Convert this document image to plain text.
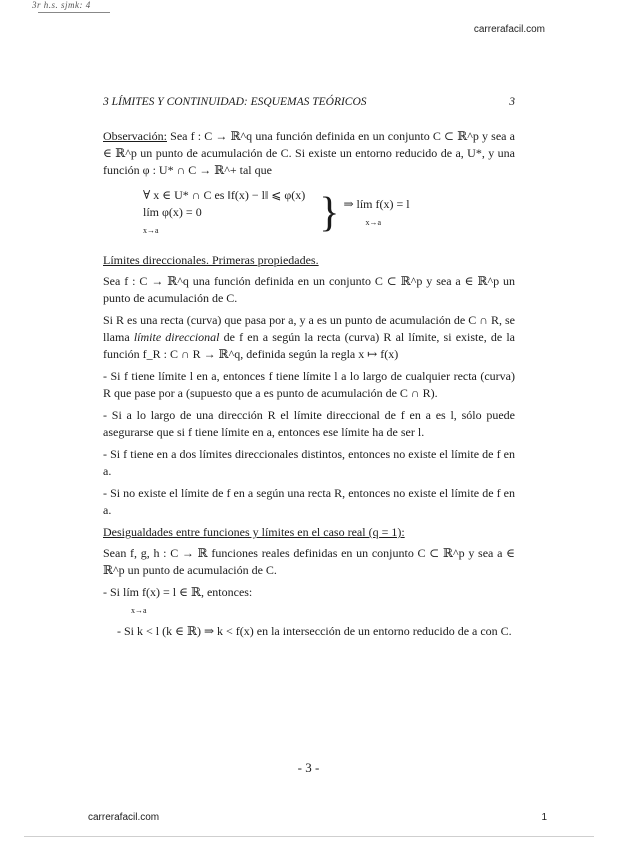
3r h.s. sjmk: 4
carrerafacil.com
3 LÍMITES Y CONTINUIDAD: ESQUEMAS TEÓRICOS	3

Observación: Sea f : C → ℝ^q una función definida en un conjunto C ⊂ ℝ^p y sea a ∈ ℝ^p un punto de acumulación de C. Si existe un entorno reducido de a, U*, y una función φ : U* ∩ C → ℝ^+ tal que

∀ x ∈ U* ∩ C es ‖f(x) − l‖ ⩽ φ(x)
lím φ(x) = 0
x→a	} ⇒ lím f(x) = l
x→a

Límites direccionales. Primeras propiedades.

Sea f : C → ℝ^q una función definida en un conjunto C ⊂ ℝ^p y sea a ∈ ℝ^p un punto de acumulación de C.

Si R es una recta (curva) que pasa por a, y a es un punto de acumulación de C ∩ R, se llama límite direccional de f en a según la recta (curva) R al límite, si existe, de la función f_R : C ∩ R → ℝ^q, definida según la regla x ↦ f(x)

- Si f tiene límite l en a, entonces f tiene límite l a lo largo de cualquier recta (curva) R que pase por a (supuesto que a es punto de acumulación de C ∩ R).

- Si a lo largo de una dirección R el límite direccional de f en a es l, sólo puede asegurarse que si f tiene límite en a, entonces ese límite ha de ser l.

- Si f tiene en a dos límites direccionales distintos, entonces no existe el límite de f en a.

- Si no existe el límite de f en a según una recta R, entonces no existe el límite de f en a.

Desigualdades entre funciones y límites en el caso real (q = 1):

Sean f, g, h : C → ℝ funciones reales definidas en un conjunto C ⊂ ℝ^p y sea a ∈ ℝ^p un punto de acumulación de C.

- Si lím f(x) = l ∈ ℝ, entonces:
x→a

- Si k < l (k ∈ ℝ) ⇒ k < f(x) en la intersección de un entorno reducido de a con C.

- 3 -
carrerafacil.com	1
